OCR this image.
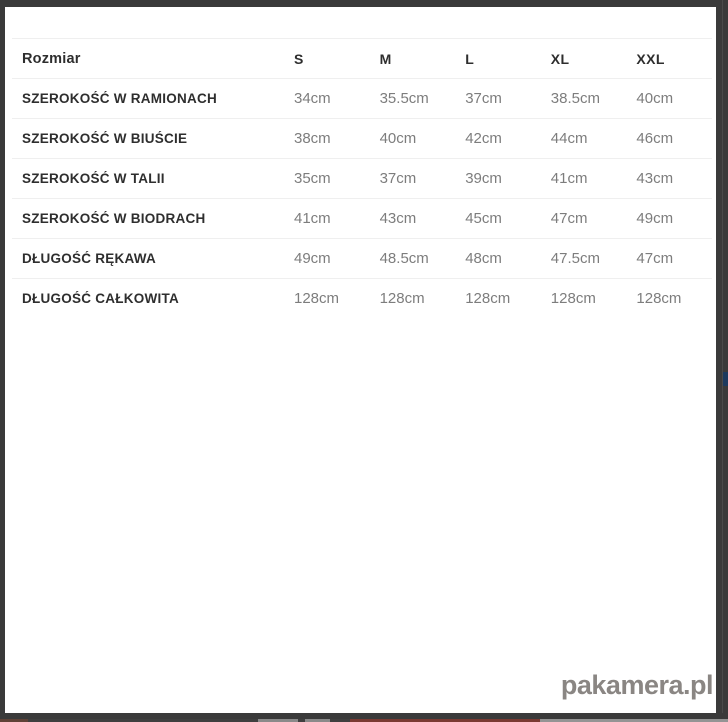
Rozmiar	S	M	L	XL	XXL
SZEROKOŚĆ W RAMIONACH	34cm	35.5cm	37cm	38.5cm	40cm
SZEROKOŚĆ W BIUŚCIE	38cm	40cm	42cm	44cm	46cm
SZEROKOŚĆ W TALII	35cm	37cm	39cm	41cm	43cm
SZEROKOŚĆ W BIODRACH	41cm	43cm	45cm	47cm	49cm
DŁUGOŚĆ RĘKAWA	49cm	48.5cm	48cm	47.5cm	47cm
DŁUGOŚĆ CAŁKOWITA	128cm	128cm	128cm	128cm	128cm
pakamera.pl
